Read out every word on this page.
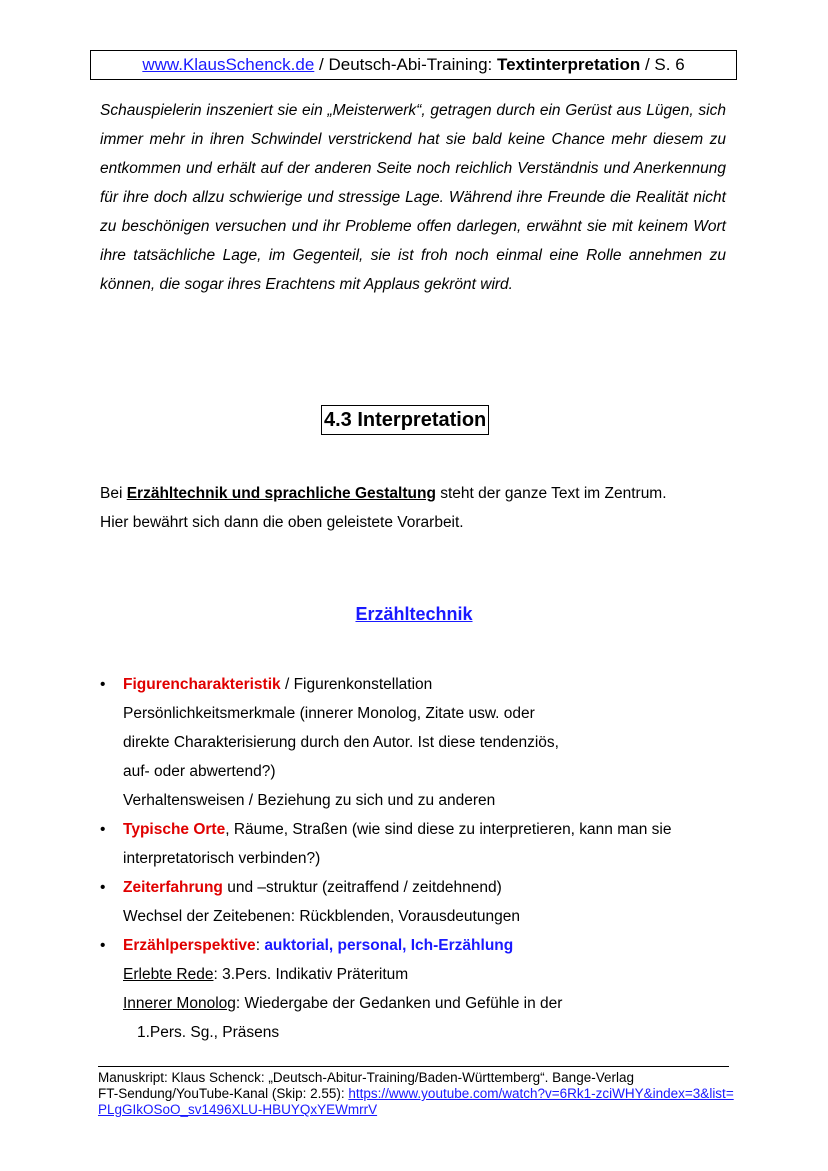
www.KlausSchenck.de / Deutsch-Abi-Training: Textinterpretation / S. 6

Schauspielerin inszeniert sie ein „Meisterwerk“, getragen durch ein Gerüst aus Lügen, sich immer mehr in ihren Schwindel verstrickend hat sie bald keine Chance mehr diesem zu entkommen und erhält auf der anderen Seite noch reichlich Verständnis und Anerkennung für ihre doch allzu schwierige und stressige Lage. Während ihre Freunde die Realität nicht zu beschönigen versuchen und ihr Probleme offen darlegen, erwähnt sie mit keinem Wort ihre tatsächliche Lage, im Gegenteil, sie ist froh noch einmal eine Rolle annehmen zu können, die sogar ihres Erachtens mit Applaus gekrönt wird.

4.3 Interpretation

Bei Erzähltechnik und sprachliche Gestaltung steht der ganze Text im Zentrum.

Hier bewährt sich dann die oben geleistete Vorarbeit.

Erzähltechnik
• Figurencharakteristik / Figurenkonstellation
Persönlichkeitsmerkmale (innerer Monolog, Zitate usw. oder
direkte Charakterisierung durch den Autor. Ist diese tendenziös,
auf- oder abwertend?)
Verhaltensweisen / Beziehung zu sich und zu anderen
• Typische Orte, Räume, Straßen (wie sind diese zu interpretieren, kann man sie
interpretatorisch verbinden?)
• Zeiterfahrung und –struktur (zeitraffend / zeitdehnend)
Wechsel der Zeitebenen: Rückblenden, Vorausdeutungen
• Erzählperspektive: auktorial, personal, Ich-Erzählung
Erlebte Rede: 3.Pers. Indikativ Präteritum
Innerer Monolog: Wiedergabe der Gedanken und Gefühle in der
1.Pers. Sg., Präsens

Manuskript: Klaus Schenck: „Deutsch-Abitur-Training/Baden-Württemberg“. Bange-Verlag

FT-Sendung/YouTube-Kanal (Skip: 2.55): https://www.youtube.com/watch?v=6Rk1-zciWHY&index=3&list=PLgGIkOSoO_sv1496XLU-HBUYQxYEWmrrV
